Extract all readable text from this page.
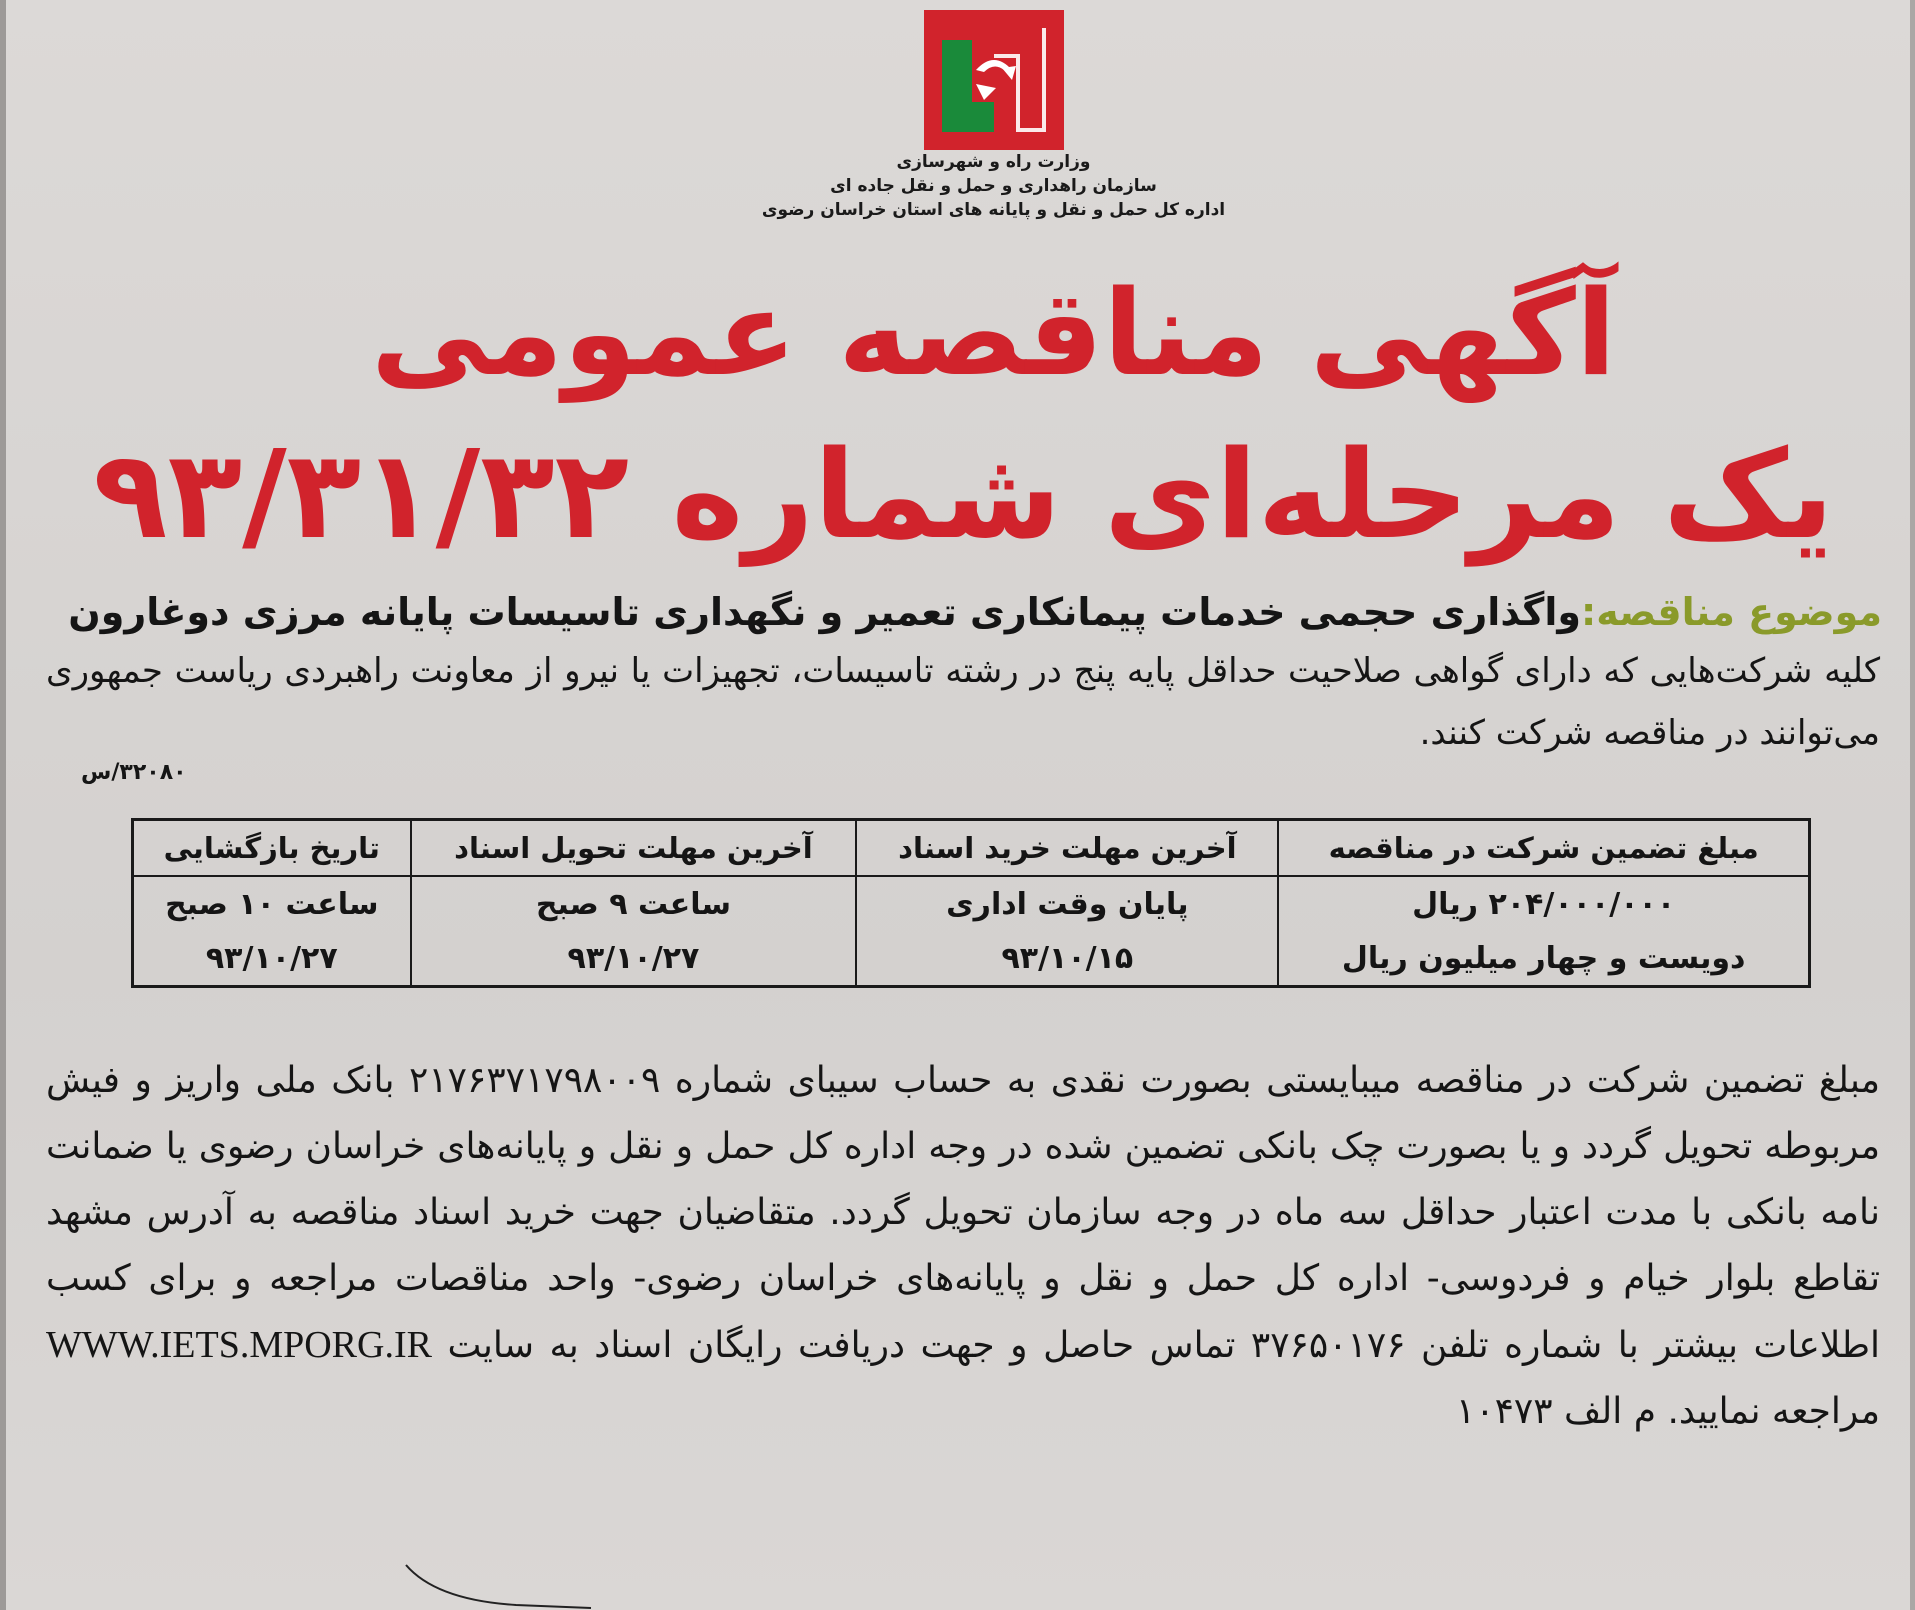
وزارت راه و شهرسازی
سازمان راهداری و حمل و نقل جاده ای
اداره کل حمل و نقل و پایانه های استان خراسان رضوی
آگهی مناقصه عمومی
یک مرحله‌ای شماره ۹۳/۳۱/۳۲
موضوع مناقصه:واگذاری حجمی خدمات پیمانکاری تعمیر و نگهداری تاسیسات پایانه مرزی دوغارون
کلیه شرکت‌هایی که دارای گواهی صلاحیت حداقل پایه پنج در رشته تاسیسات، تجهیزات یا نیرو از معاونت راهبردی ریاست جمهوری می‌توانند در مناقصه شرکت کنند.
۳۲۰۸۰/س
مبلغ تضمین شرکت در مناقصه	آخرین مهلت خرید اسناد	آخرین مهلت تحویل اسناد	تاریخ بازگشایی
۲۰۴/۰۰۰/۰۰۰ ریال	پایان وقت اداری	ساعت ۹ صبح	ساعت ۱۰ صبح
دویست و چهار میلیون ریال	۹۳/۱۰/۱۵	۹۳/۱۰/۲۷	۹۳/۱۰/۲۷
مبلغ تضمین شرکت در مناقصه میبایستی بصورت نقدی به حساب سیبای شماره ۲۱۷۶۳۷۱۷۹۸۰۰۹ بانک ملی واریز و فیش مربوطه تحویل گردد و یا بصورت چک بانکی تضمین شده در وجه اداره کل حمل و نقل و پایانه‌های خراسان رضوی یا ضمانت نامه بانکی با مدت اعتبار حداقل سه ماه در وجه سازمان تحویل گردد. متقاضیان جهت خرید اسناد مناقصه به آدرس مشهد تقاطع بلوار خیام و فردوسی- اداره کل حمل و نقل و پایانه‌های خراسان رضوی- واحد مناقصات مراجعه و برای کسب اطلاعات بیشتر با شماره تلفن ۳۷۶۵۰۱۷۶ تماس حاصل و جهت دریافت رایگان اسناد به سایت WWW.IETS.MPORG.IR مراجعه نمایید. م الف ۱۰۴۷۳
